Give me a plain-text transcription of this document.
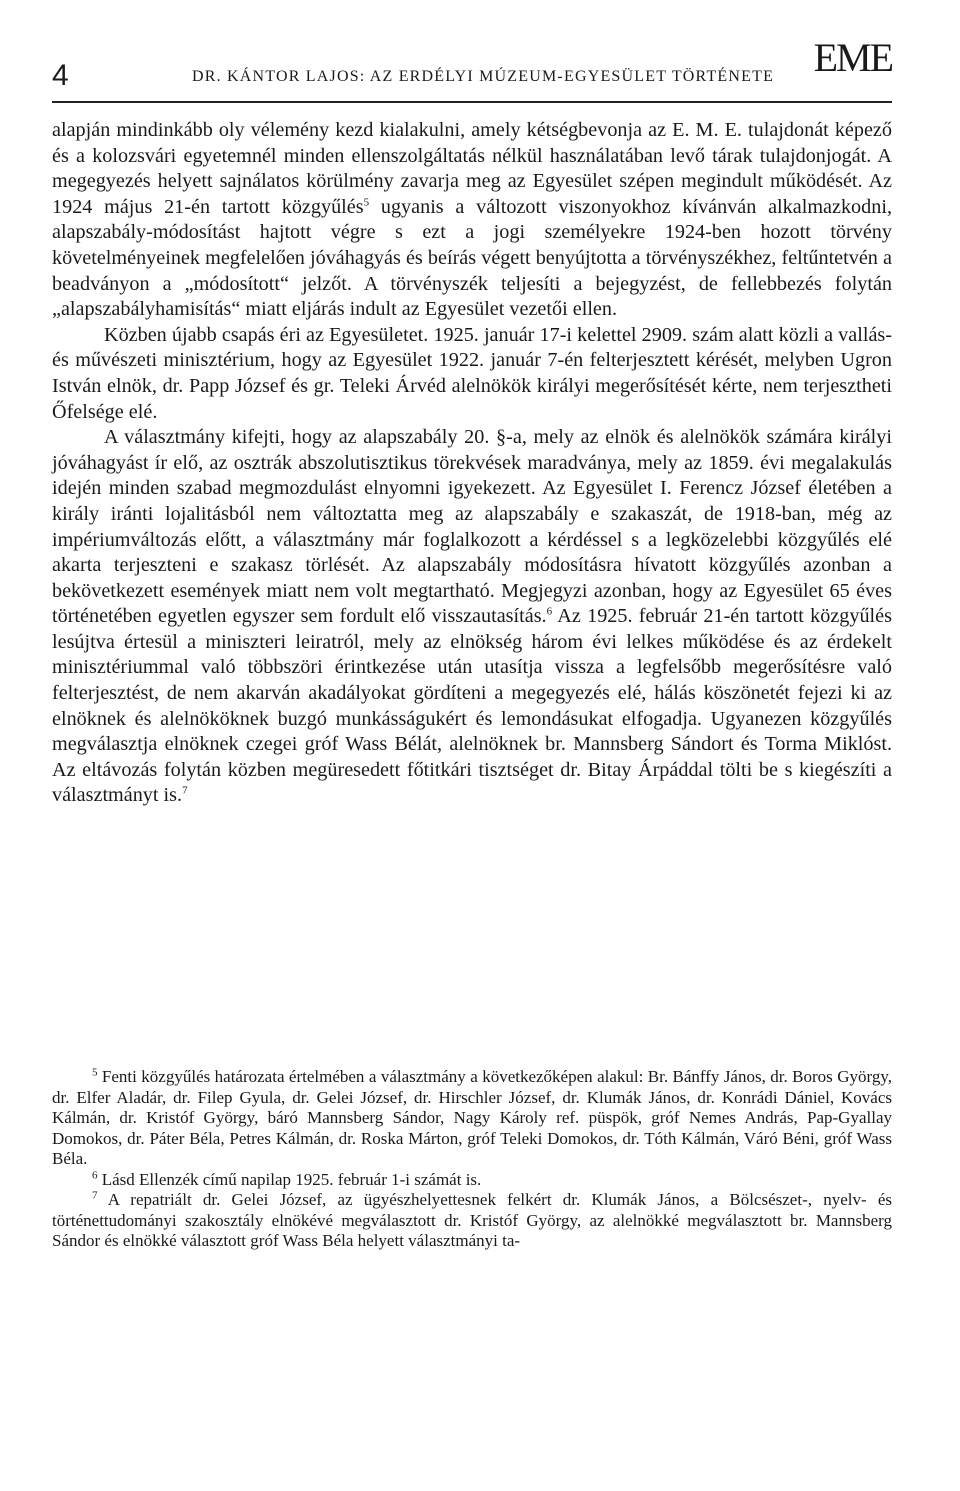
4	DR. KÁNTOR LAJOS: AZ ERDÉLYI MÚZEUM-EGYESÜLET TÖRTÉNETE EME

alapján mindinkább oly vélemény kezd kialakulni, amely kétségbevonja az E. M. E. tulajdonát képező és a kolozsvári egyetemnél minden ellenszolgáltatás nélkül használatában levő tárak tulajdonjogát. A megegyezés helyett sajnálatos körülmény zavarja meg az Egyesület szépen megindult működését. Az 1924 május 21-én tartott közgyűlés$^5$ ugyanis a változott viszonyokhoz kívánván alkalmazkodni, alapszabály-módosítást hajtott végre s ezt a jogi személyekre 1924-ben hozott törvény követelményeinek megfelelően jóváhagyás és beírás végett benyújtotta a törvényszékhez, feltűntetvén a beadványon a „módosított“ jelzőt. A törvényszék teljesíti a bejegyzést, de fellebbezés folytán „alapszabályhamisítás“ miatt eljárás indult az Egyesület vezetői ellen.

Közben újabb csapás éri az Egyesületet. 1925. január 17-i kelettel 2909. szám alatt közli a vallás- és művészeti minisztérium, hogy az Egyesület 1922. január 7-én felterjesztett kérését, melyben Ugron István elnök, dr. Papp József és gr. Teleki Árvéd alelnökök királyi megerősítését kérte, nem terjesztheti Őfelsége elé.

A választmány kifejti, hogy az alapszabály 20. §-a, mely az elnök és alelnökök számára királyi jóváhagyást ír elő, az osztrák abszolutisztikus törekvések maradványa, mely az 1859. évi megalakulás idején minden szabad megmozdulást elnyomni igyekezett. Az Egyesület I. Ferencz József életében a király iránti lojalitásból nem változtatta meg az alapszabály e szakaszát, de 1918-ban, még az impériumváltozás előtt, a választmány már foglalkozott a kérdéssel s a legközelebbi közgyűlés elé akarta terjeszteni e szakasz törlését. Az alapszabály módosításra hívatott közgyűlés azonban a bekövetkezett események miatt nem volt megtartható. Megjegyzi azonban, hogy az Egyesület 65 éves történetében egyetlen egyszer sem fordult elő visszautasítás.$^6$ Az 1925. február 21-én tartott közgyűlés lesújtva értesül a miniszteri leiratról, mely az elnökség három évi lelkes működése és az érdekelt minisztériummal való többszöri érintkezése után utasítja vissza a legfelsőbb megerősítésre való felterjesztést, de nem akarván akadályokat gördíteni a megegyezés elé, hálás köszönetét fejezi ki az elnöknek és alelnököknek buzgó munkásságukért és lemondásukat elfogadja. Ugyanezen közgyűlés megválasztja elnöknek czegei gróf Wass Bélát, alelnöknek br. Mannsberg Sándort és Torma Miklóst. Az eltávozás folytán közben megüresedett főtitkári tisztséget dr. Bitay Árpáddal tölti be s kiegészíti a választmányt is.$^7$

$^5$ Fenti közgyűlés határozata értelmében a választmány a következőképen alakul: Br. Bánffy János, dr. Boros György, dr. Elfer Aladár, dr. Filep Gyula, dr. Gelei József, dr. Hirschler József, dr. Klumák János, dr. Konrádi Dániel, Kovács Kálmán, dr. Kristóf György, báró Mannsberg Sándor, Nagy Károly ref. püspök, gróf Nemes András, Pap-Gyallay Domokos, dr. Páter Béla, Petres Kálmán, dr. Roska Márton, gróf Teleki Domokos, dr. Tóth Kálmán, Váró Béni, gróf Wass Béla.

$^6$ Lásd Ellenzék című napilap 1925. február 1-i számát is.

$^7$ A repatriált dr. Gelei József, az ügyészhelyettesnek felkért dr. Klumák János, a Bölcsészet-, nyelv- és történettudományi szakosztály elnökévé megválasztott dr. Kristóf György, az alelnökké megválasztott br. Mannsberg Sándor és elnökké választott gróf Wass Béla helyett választmányi ta-
